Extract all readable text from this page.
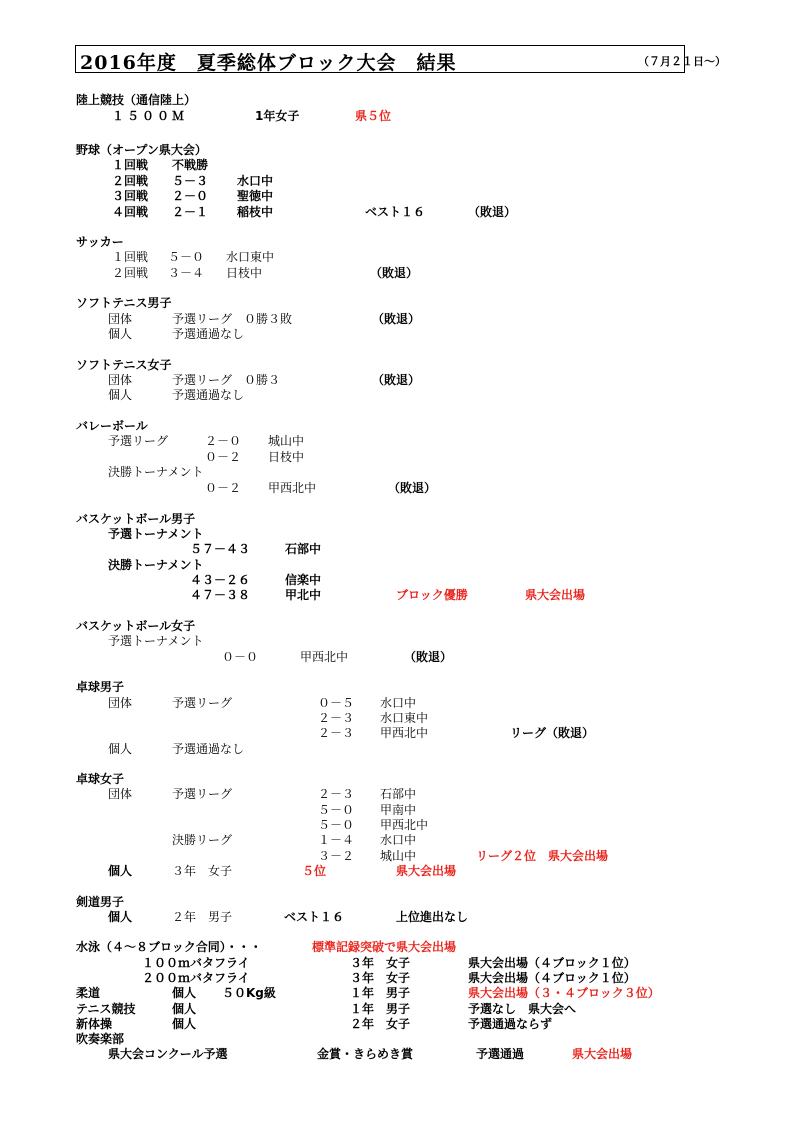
2016年度　夏季総体ブロック大会　結果	（７月２１日～）
陸上競技（通信陸上）
１５００Ｍ	1年女子	県５位
野球（オープン県大会）
１回戦 不戦勝
２回戦 ５－３ 水口中
３回戦 ２－０ 聖徳中
４回戦 ２－１ 稲枝中	ベスト１６	（敗退）
サッカー
１回戦 ５－０ 水口東中
２回戦 ３－４ 日枝中	（敗退）
ソフトテニス男子
団体	予選リーグ　０勝３敗	（敗退）
個人	予選通過なし
ソフトテニス女子
団体	予選リーグ　０勝３	（敗退）
個人	予選通過なし
バレーボール
予選リーグ	２－０ 城山中
０－２ 日枝中
決勝トーナメント
０－２ 甲西北中	（敗退）
バスケットボール男子
予選トーナメント
５７－４３	石部中
決勝トーナメント
４３－２６	信楽中
４７－３８	甲北中	ブロック優勝	県大会出場
バスケットボール女子
予選トーナメント
０－０	甲西北中	（敗退）
卓球男子
団体	予選リーグ	０－５ 水口中
２－３ 水口東中
２－３ 甲西北中	リーグ（敗退）
個人	予選通過なし
卓球女子
団体	予選リーグ	２－３ 石部中
５－０ 甲南中
５－０ 甲西北中
決勝リーグ	１－４ 水口中
３－２ 城山中	リーグ２位　県大会出場
個人	３年　女子	５位	県大会出場
剣道男子
個人	２年　男子	ベスト１６	上位進出なし
水泳（４～８ブロック合同）・・・	標準記録突破で県大会出場
１００ｍバタフライ	３年　女子	県大会出場（４ブロック１位）
２００ｍバタフライ	３年　女子	県大会出場（４ブロック１位）
柔道	個人 ５０Kg級	１年　男子	県大会出場（３・４ブロック３位）
テニス競技	個人	１年　男子	予選なし　県大会へ
新体操	個人	２年　女子	予選通過ならず
吹奏楽部
県大会コンクール予選	金賞・きらめき賞	予選通過	県大会出場
